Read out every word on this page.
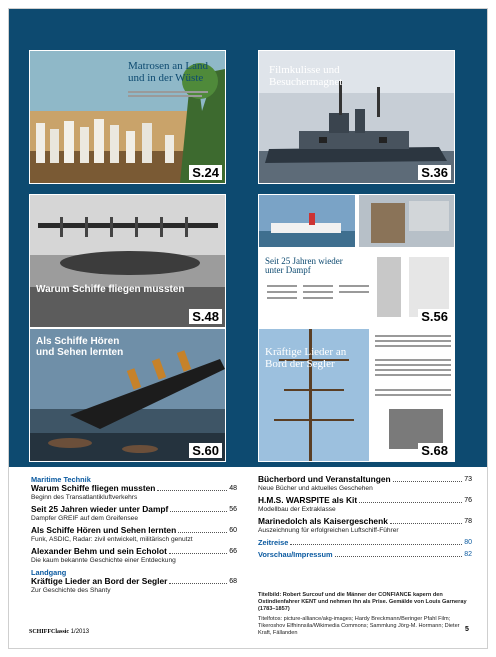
Matrosen an Land und in der Wüste
S.24
Filmkulisse und Besuchermagnet
S.36
Warum Schiffe fliegen mussten
S.48
Seit 25 Jahren wieder unter Dampf
S.56
Als Schiffe Hören und Sehen lernten
S.60
Kräftige Lieder an Bord der Segler
S.68
Maritime Technik
Warum Schiffe fliegen mussten	48
Beginn des Transatlantikluftverkehrs
Seit 25 Jahren wieder unter Dampf	56
Dampfer GREIF auf dem Greifensee
Als Schiffe Hören und Sehen lernten	60
Funk, ASDIC, Radar: zivil entwickelt, militärisch genutzt
Alexander Behm und sein Echolot	66
Die kaum bekannte Geschichte einer Entdeckung
Landgang
Kräftige Lieder an Bord der Segler	68
Zur Geschichte des Shanty
Bücherbord und Veranstaltungen	73
Neue Bücher und aktuelles Geschehen
H.M.S. WARSPITE als Kit	76
Modellbau der Extraklasse
Marinedolch als Kaisergeschenk	78
Auszeichnung für erfolgreichen Luftschiff-Führer
Zeitreise	80
Vorschau/Impressum	82
Titelbild: Robert Surcouf und die Männer der CONFIANCE kapern den Ostindienfahrer KENT und nehmen ihn als Prise. Gemälde von Louis Garneray (1783–1857)
Titelfotos: picture-alliance/akg-images; Hardy Breckmann/Beringer Pfahl Film; Tikeroshov Elfhinnsila/Wikimedia Commons; Sammlung Jörg-M. Hormann; Dieter Kraft, Fällanden
SCHIFFClassic 1/2013	5
